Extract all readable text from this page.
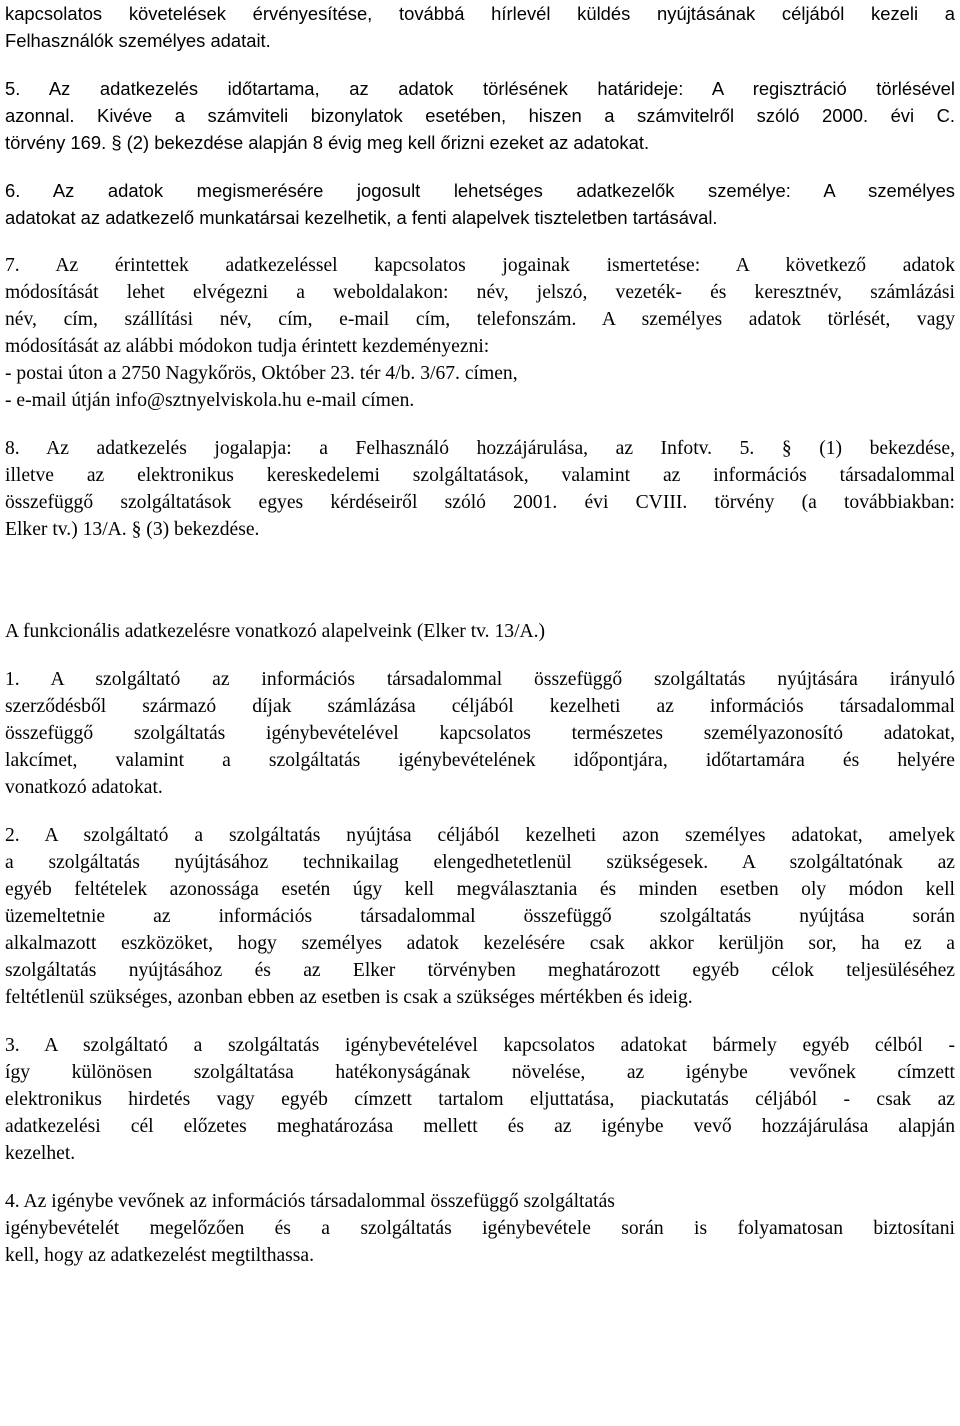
kapcsolatos követelések érvényesítése, továbbá hírlevél küldés nyújtásának céljából kezeli a
Felhasználók személyes adatait.
5. Az adatkezelés időtartama, az adatok törlésének határideje: A regisztráció törlésével
azonnal. Kivéve a számviteli bizonylatok esetében, hiszen a számvitelről szóló 2000. évi C.
törvény 169. § (2) bekezdése alapján 8 évig meg kell őrizni ezeket az adatokat.
6. Az adatok megismerésére jogosult lehetséges adatkezelők személye: A személyes
adatokat az adatkezelő munkatársai kezelhetik, a fenti alapelvek tiszteletben tartásával.
7. Az érintettek adatkezeléssel kapcsolatos jogainak ismertetése: A következő adatok
módosítását lehet elvégezni a weboldalakon: név, jelszó, vezeték- és keresztnév, számlázási
név, cím, szállítási név, cím, e-mail cím, telefonszám. A személyes adatok törlését, vagy
módosítását az alábbi módokon tudja érintett kezdeményezni:
- postai úton a 2750 Nagykőrös, Október 23. tér 4/b. 3/67. címen,
- e-mail útján info@sztnyelviskola.hu e-mail címen.
8. Az adatkezelés jogalapja: a Felhasználó hozzájárulása, az Infotv. 5. § (1) bekezdése,
illetve az elektronikus kereskedelemi szolgáltatások, valamint az információs társadalommal
összefüggő szolgáltatások egyes kérdéseiről szóló 2001. évi CVIII. törvény (a továbbiakban:
Elker tv.) 13/A. § (3) bekezdése.
A funkcionális adatkezelésre vonatkozó alapelveink (Elker tv. 13/A.)
1. A szolgáltató az információs társadalommal összefüggő szolgáltatás nyújtására irányuló
szerződésből származó díjak számlázása céljából kezelheti az információs társadalommal
összefüggő szolgáltatás igénybevételével kapcsolatos természetes személyazonosító adatokat,
lakcímet, valamint a szolgáltatás igénybevételének időpontjára, időtartamára és helyére
vonatkozó adatokat.
2. A szolgáltató a szolgáltatás nyújtása céljából kezelheti azon személyes adatokat, amelyek
a szolgáltatás nyújtásához technikailag elengedhetetlenül szükségesek. A szolgáltatónak az
egyéb feltételek azonossága esetén úgy kell megválasztania és minden esetben oly módon kell
üzemeltetnie az információs társadalommal összefüggő szolgáltatás nyújtása során
alkalmazott eszközöket, hogy személyes adatok kezelésére csak akkor kerüljön sor, ha ez a
szolgáltatás nyújtásához és az Elker törvényben meghatározott egyéb célok teljesüléséhez
feltétlenül szükséges, azonban ebben az esetben is csak a szükséges mértékben és ideig.
3. A szolgáltató a szolgáltatás igénybevételével kapcsolatos adatokat bármely egyéb célból -
így különösen szolgáltatása hatékonyságának növelése, az igénybe vevőnek címzett
elektronikus hirdetés vagy egyéb címzett tartalom eljuttatása, piackutatás céljából - csak az
adatkezelési cél előzetes meghatározása mellett és az igénybe vevő hozzájárulása alapján
kezelhet.
4. Az igénybe vevőnek az információs társadalommal összefüggő szolgáltatás
igénybevételét megelőzően és a szolgáltatás igénybevétele során is folyamatosan biztosítani
kell, hogy az adatkezelést megtilthassa.
